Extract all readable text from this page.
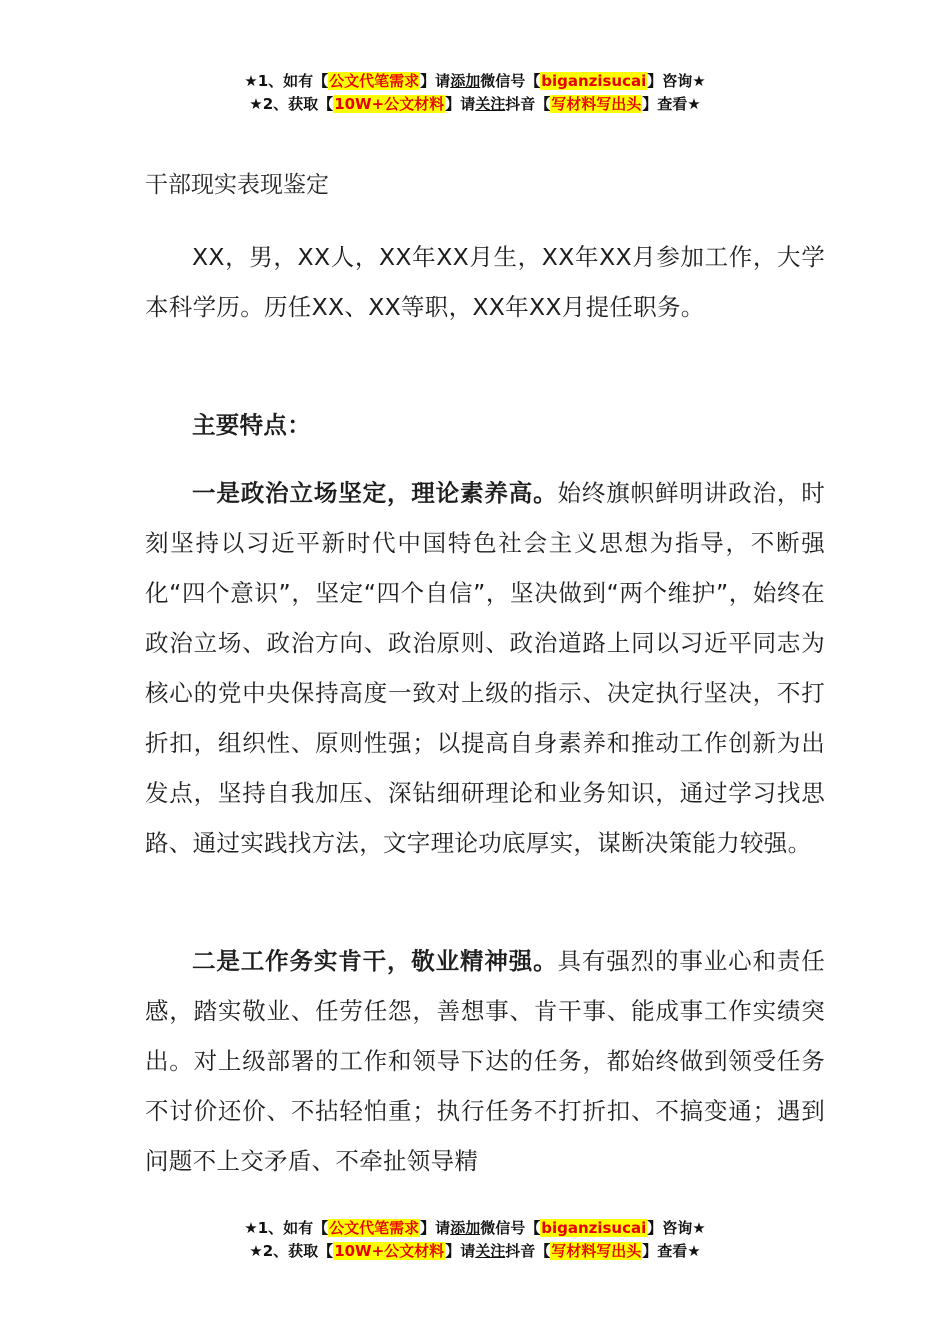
★1、如有【公文代笔需求】请添加微信号【biganzisucai】咨询★
★2、获取【10W+公文材料】请关注抖音【写材料写出头】查看★
干部现实表现鉴定

XX，男，XX人，XX年XX月生，XX年XX月参加工作，大学本科学历。历任XX、XX等职，XX年XX月提任职务。

主要特点：

一是政治立场坚定，理论素养高。始终旗帜鲜明讲政治，时刻坚持以习近平新时代中国特色社会主义思想为指导，不断强化“四个意识”，坚定“四个自信”，坚决做到“两个维护”，始终在政治立场、政治方向、政治原则、政治道路上同以习近平同志为核心的党中央保持高度一致对上级的指示、决定执行坚决，不打折扣，组织性、原则性强；以提高自身素养和推动工作创新为出发点，坚持自我加压、深钻细研理论和业务知识，通过学习找思路、通过实践找方法，文字理论功底厚实，谋断决策能力较强。

二是工作务实肯干，敬业精神强。具有强烈的事业心和责任感，踏实敬业、任劳任怨，善想事、肯干事、能成事工作实绩突出。对上级部署的工作和领导下达的任务，都始终做到领受任务不讨价还价、不拈轻怕重；执行任务不打折扣、不搞变通；遇到问题不上交矛盾、不牵扯领导精

★1、如有【公文代笔需求】请添加微信号【biganzisucai】咨询★
★2、获取【10W+公文材料】请关注抖音【写材料写出头】查看★
